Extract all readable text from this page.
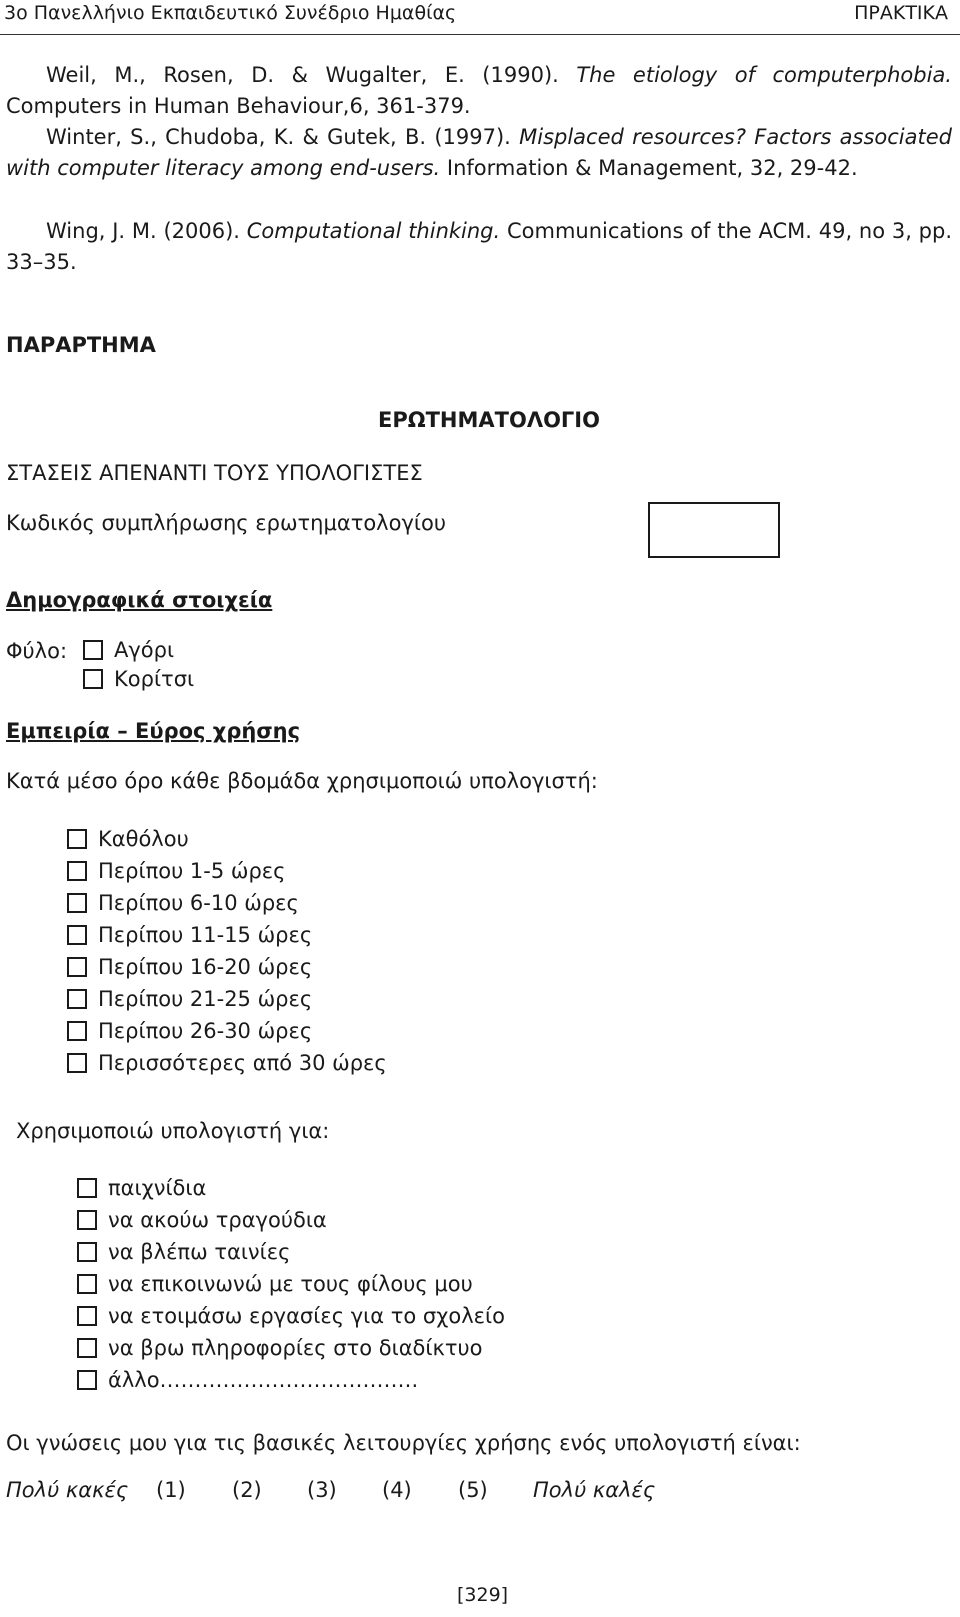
3ο Πανελλήνιο Εκπαιδευτικό Συνέδριο Ημαθίας	ΠΡΑΚΤΙΚΑ
Weil, M., Rosen, D. & Wugalter, E. (1990). The etiology of computerphobia. Computers in Human Behaviour,6, 361-379.
Winter, S., Chudoba, K. & Gutek, B. (1997). Misplaced resources? Factors associated with computer literacy among end-users. Information & Management, 32, 29-42.
Wing, J. M. (2006). Computational thinking. Communications of the ACM. 49, no 3, pp. 33–35.
ΠΑΡΑΡΤΗΜΑ
ΕΡΩΤΗΜΑΤΟΛΟΓΙΟ
ΣΤΑΣΕΙΣ ΑΠΕΝΑΝΤΙ ΤΟΥΣ ΥΠΟΛΟΓΙΣΤΕΣ
Κωδικός συμπλήρωσης ερωτηματολογίου
Δημογραφικά στοιχεία
Φύλο: Αγόρι
Κορίτσι
Εμπειρία – Εύρος χρήσης
Κατά μέσο όρο κάθε βδομάδα χρησιμοποιώ υπολογιστή:
Καθόλου
Περίπου 1-5 ώρες
Περίπου 6-10 ώρες
Περίπου 11-15 ώρες
Περίπου 16-20 ώρες
Περίπου 21-25 ώρες
Περίπου 26-30 ώρες
Περισσότερες από 30 ώρες
Χρησιμοποιώ υπολογιστή για:
παιχνίδια
να ακούω τραγούδια
να βλέπω ταινίες
να επικοινωνώ με τους φίλους μου
να ετοιμάσω εργασίες για το σχολείο
να βρω πληροφορίες στο διαδίκτυο
άλλο……………………………….
Οι γνώσεις μου για τις βασικές λειτουργίες χρήσης ενός υπολογιστή είναι:
Πολύ κακές (1) (2) (3) (4) (5) Πολύ καλές
[329]
